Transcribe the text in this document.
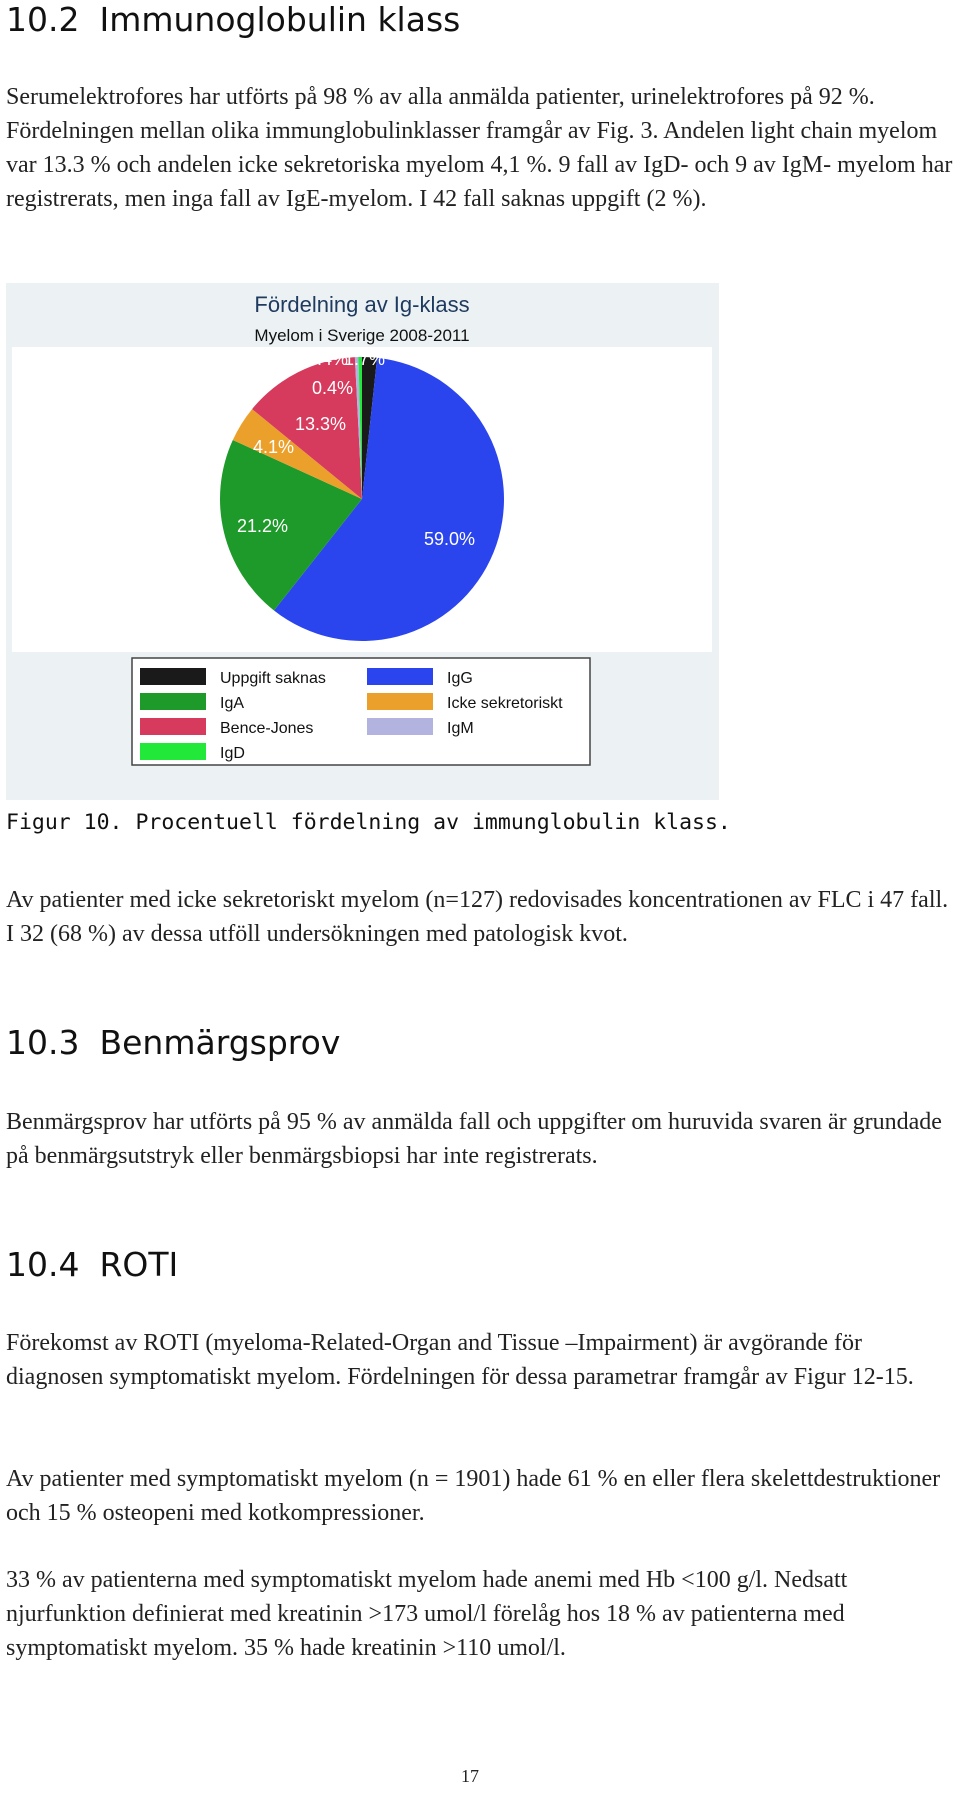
10.2 Immunoglobulin klass

Serumelektrofores har utförts på 98 % av alla anmälda patienter, urinelektrofores på 92 %. Fördelningen mellan olika immunglobulinklasser framgår av Fig. 3. Andelen light chain myelom var 13.3 % och andelen icke sekretoriska myelom 4,1 %. 9 fall av IgD- och 9 av IgM- myelom har registrerats, men inga fall av IgE-myelom. I 42 fall saknas uppgift (2 %).

Fördelning av Ig-klass
Myelom i Sverige 2008-2011
1.7%
59.0%
21.2%
4.1%
13.3%
0.4%
0.4%
Uppgift saknas	IgG
IgA	Icke sekretoriskt
Bence-Jones	IgM
IgD

Figur 10. Procentuell fördelning av immunglobulin klass.

Av patienter med icke sekretoriskt myelom (n=127) redovisades koncentrationen av FLC i 47 fall. I 32 (68 %) av dessa utföll undersökningen med patologisk kvot.

10.3 Benmärgsprov

Benmärgsprov har utförts på 95 % av anmälda fall och uppgifter om huruvida svaren är grundade på benmärgsutstryk eller benmärgsbiopsi har inte registrerats.

10.4 ROTI

Förekomst av ROTI (myeloma-Related-Organ and Tissue –Impairment) är avgörande för diagnosen symptomatiskt myelom. Fördelningen för dessa parametrar framgår av Figur 12-15.

Av patienter med symptomatiskt myelom (n = 1901) hade 61 % en eller flera skelettdestruktioner och 15 % osteopeni med kotkompressioner.

33 % av patienterna med symptomatiskt myelom hade anemi med Hb <100 g/l. Nedsatt njurfunktion definierat med kreatinin >173 umol/l förelåg hos 18 % av patienterna med symptomatiskt myelom. 35 % hade kreatinin >110 umol/l.

17
